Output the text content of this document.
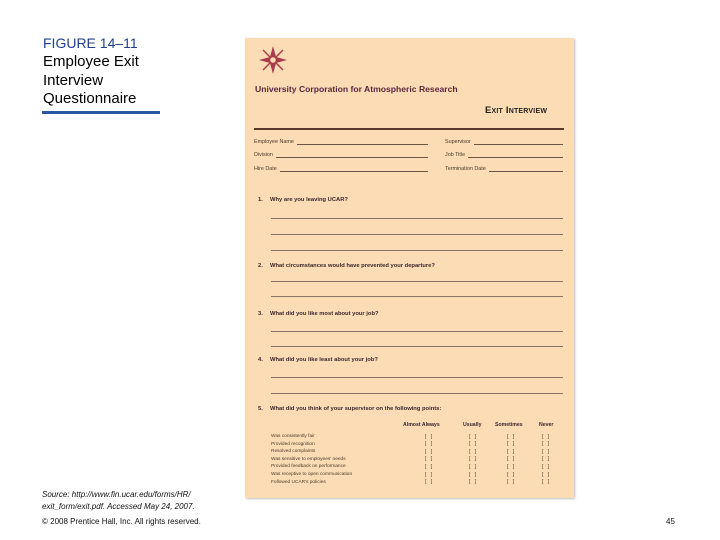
FIGURE 14–11
Employee Exit Interview Questionnaire
University Corporation for Atmospheric Research
Exit Interview
Employee Name	Supervisor
Division	Job Title
Hire Date	Termination Date
1. Why are you leaving UCAR?
2. What circumstances would have prevented your departure?
3. What did you like most about your job?
4. What did you like least about your job?
5. What did you think of your supervisor on the following points:
Almost Always	Usually	Sometimes	Never
Was consistently fair	[ ]	[ ]	[ ]	[ ]
Provided recognition	[ ]	[ ]	[ ]	[ ]
Resolved complaints	[ ]	[ ]	[ ]	[ ]
Was sensitive to employees' needs	[ ]	[ ]	[ ]	[ ]
Provided feedback on performance	[ ]	[ ]	[ ]	[ ]
Was receptive to open communication	[ ]	[ ]	[ ]	[ ]
Followed UCAR's policies	[ ]	[ ]	[ ]	[ ]
Source: http://www.fin.ucar.edu/forms/HR/ exit_form/exit.pdf. Accessed May 24, 2007.
© 2008 Prentice Hall, Inc. All rights reserved.	45
